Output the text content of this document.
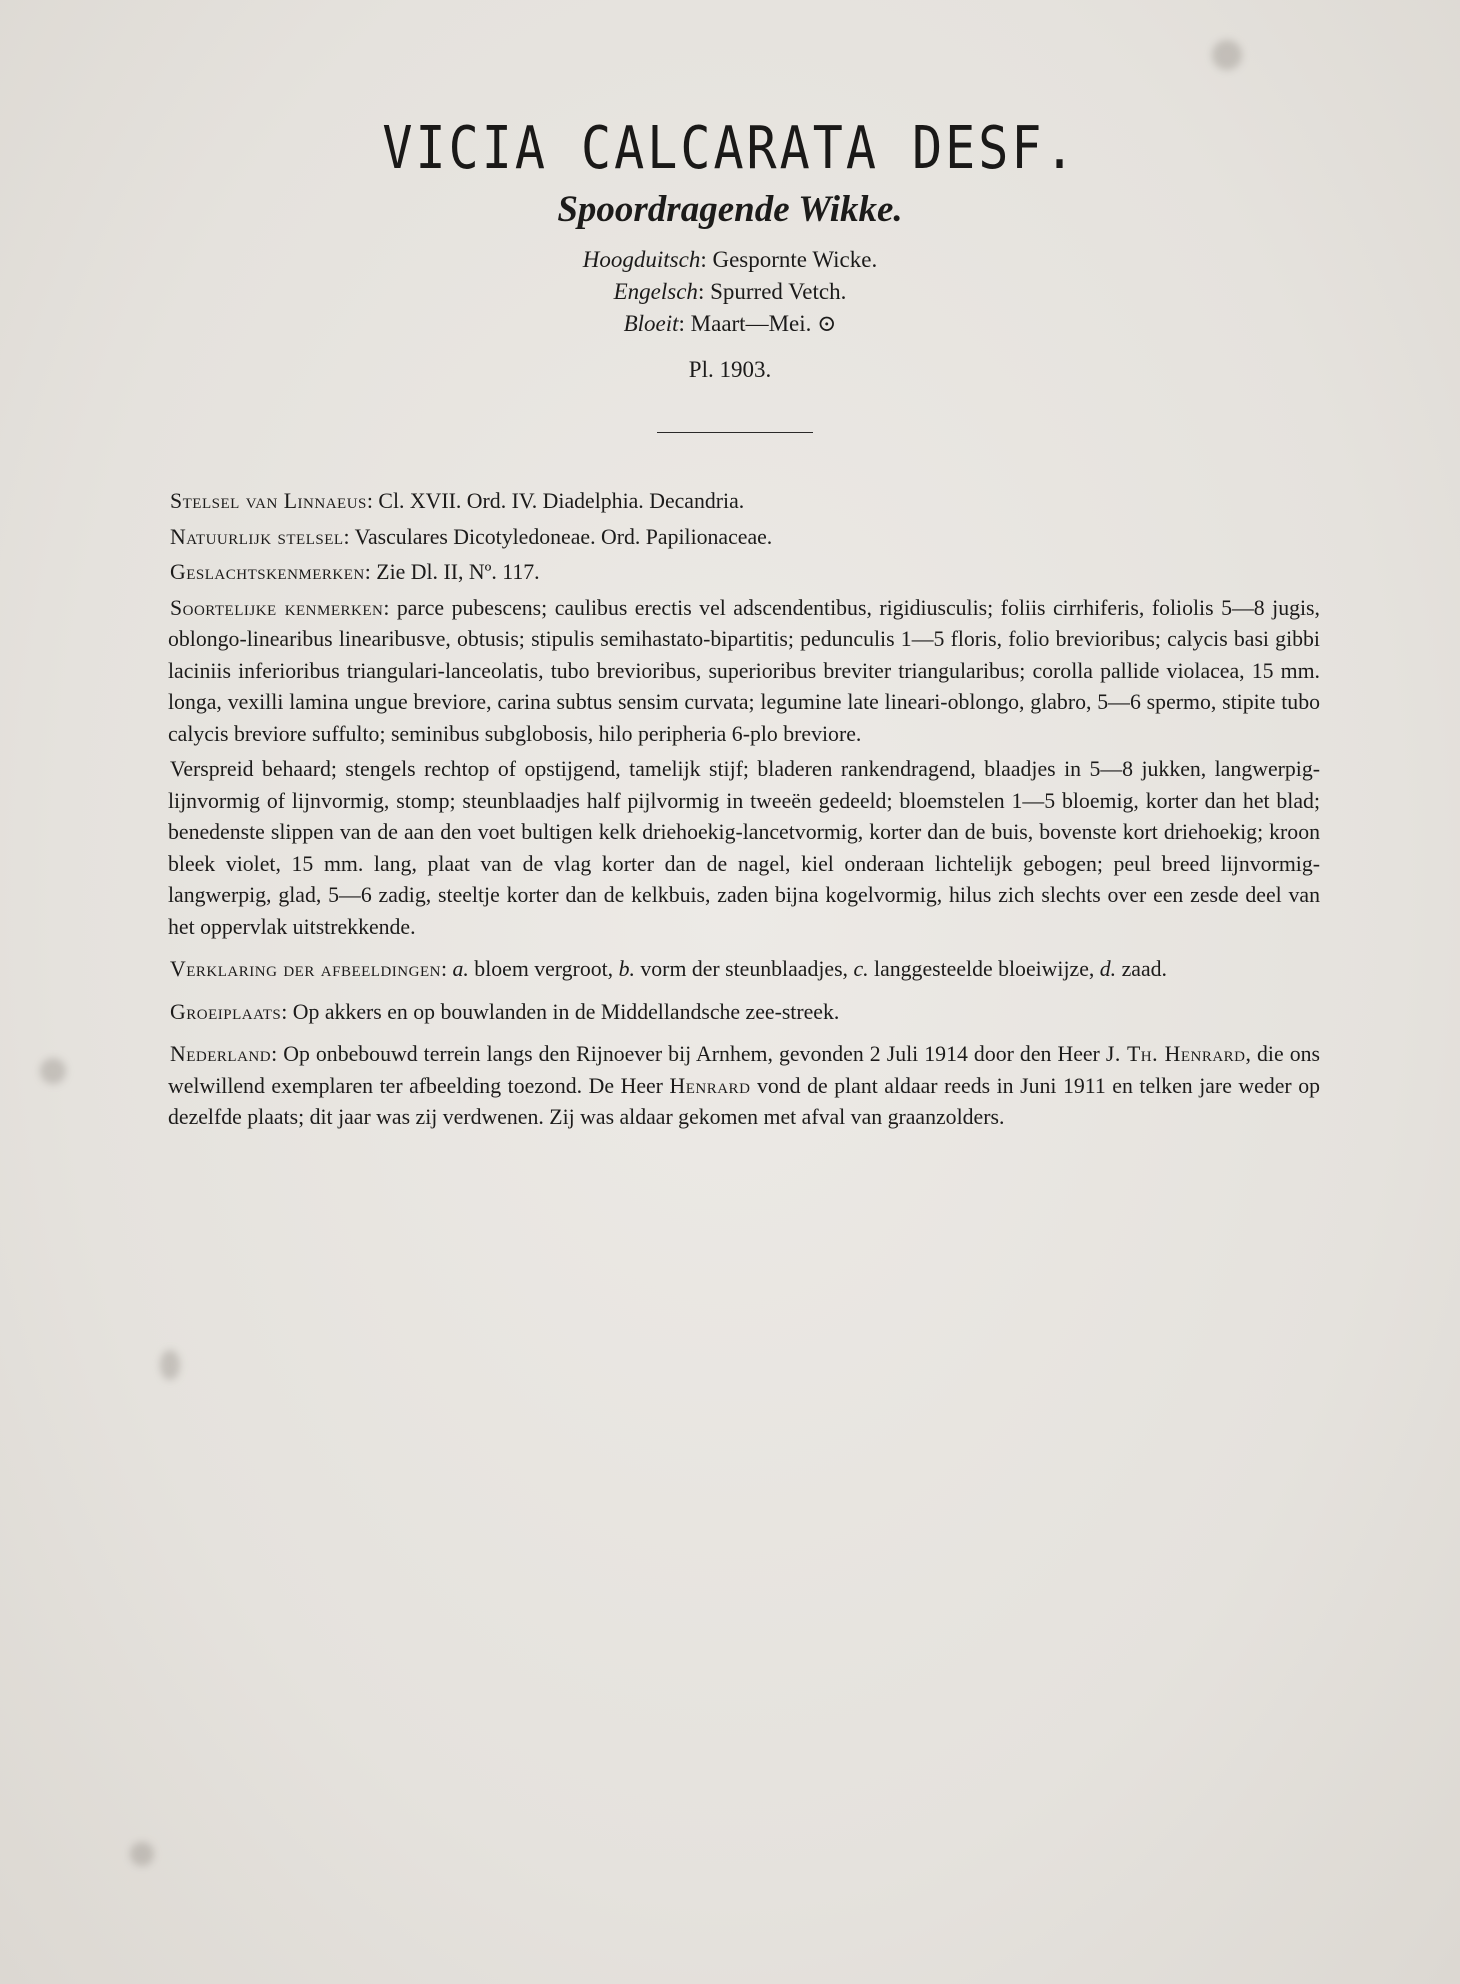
VICIA CALCARATA DESF.
Spoordragende Wikke.
Hoogduitsch: Gespornte Wicke.
Engelsch: Spurred Vetch.
Bloeit: Maart—Mei. ⊙
Pl. 1903.

Stelsel van Linnaeus: Cl. XVII. Ord. IV. Diadelphia. Decandria.

Natuurlijk stelsel: Vasculares Dicotyledoneae. Ord. Papilionaceae.

Geslachtskenmerken: Zie Dl. II, Nº. 117.

Soortelijke kenmerken: parce pubescens; caulibus erectis vel adscendentibus, rigidiusculis; foliis cirrhiferis, foliolis 5—8 jugis, oblongo-linearibus linearibusve, obtusis; stipulis semihastato-bipartitis; pedunculis 1—5 floris, folio brevioribus; calycis basi gibbi laciniis inferioribus triangulari-lanceolatis, tubo brevioribus, superioribus breviter triangularibus; corolla pallide violacea, 15 mm. longa, vexilli lamina ungue breviore, carina subtus sensim curvata; legumine late lineari-oblongo, glabro, 5—6 spermo, stipite tubo calycis breviore suffulto; seminibus subglobosis, hilo peripheria 6-plo breviore.

Verspreid behaard; stengels rechtop of opstijgend, tamelijk stijf; bladeren rankendragend, blaadjes in 5—8 jukken, langwerpig-lijnvormig of lijnvormig, stomp; steunblaadjes half pijlvormig in tweeën gedeeld; bloemstelen 1—5 bloemig, korter dan het blad; benedenste slippen van de aan den voet bultigen kelk driehoekig-lancetvormig, korter dan de buis, bovenste kort driehoekig; kroon bleek violet, 15 mm. lang, plaat van de vlag korter dan de nagel, kiel onderaan lichtelijk gebogen; peul breed lijnvormig-langwerpig, glad, 5—6 zadig, steeltje korter dan de kelkbuis, zaden bijna kogelvormig, hilus zich slechts over een zesde deel van het oppervlak uitstrekkende.

Verklaring der afbeeldingen: a. bloem vergroot, b. vorm der steunblaadjes, c. langgesteelde bloeiwijze, d. zaad.

Groeiplaats: Op akkers en op bouwlanden in de Middellandsche zee-streek.

Nederland: Op onbebouwd terrein langs den Rijnoever bij Arnhem, gevonden 2 Juli 1914 door den Heer J. Th. Henrard, die ons welwillend exemplaren ter afbeelding toezond. De Heer Henrard vond de plant aldaar reeds in Juni 1911 en telken jare weder op dezelfde plaats; dit jaar was zij verdwenen. Zij was aldaar gekomen met afval van graanzolders.
